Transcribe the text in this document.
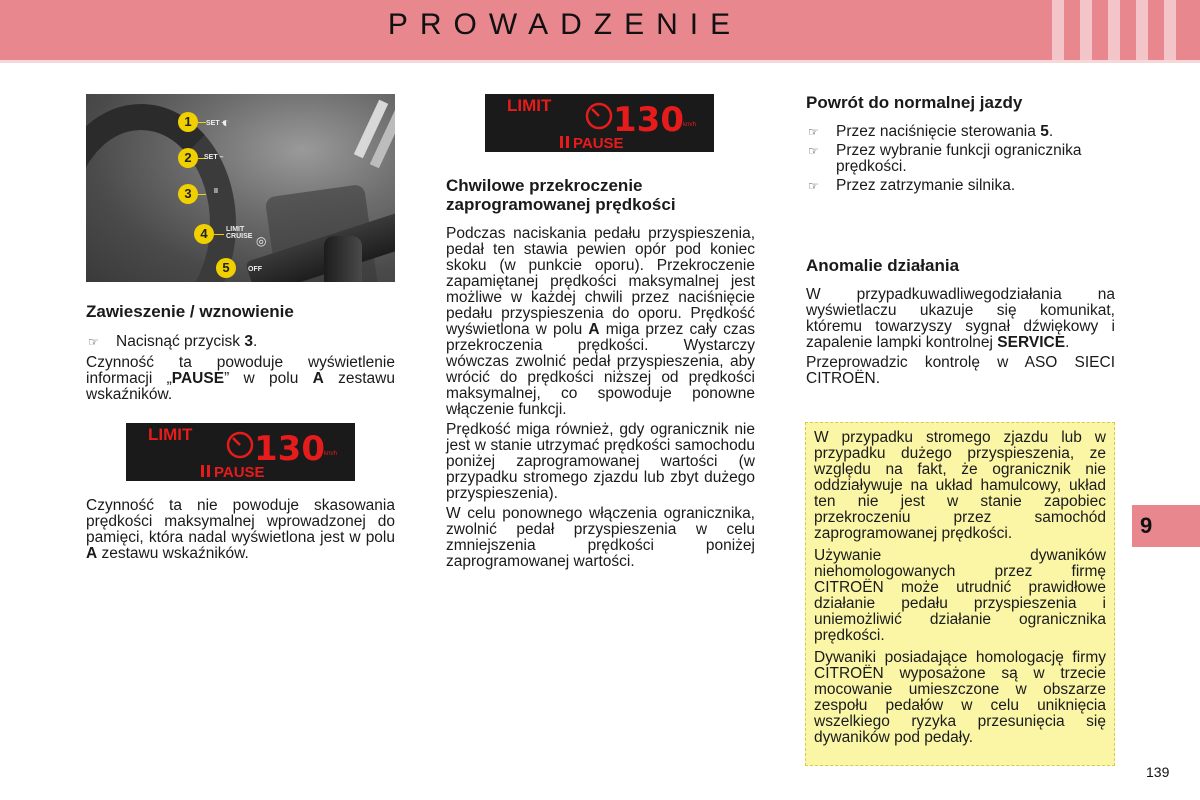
PROWADZENIE
1
2
3
4
5
SET +
SET –
II
LIMIT CRUISE
OFF
◐
◎
LIMIT 130 km/h
PAUSE
LIMIT 130 km/h
PAUSE
Zawieszenie / wznowienie
☞ Nacisnąć przycisk 3.
Czynność ta powoduje wyświetlenie informacji „PAUSE” w polu A zestawu wskaźników.
Czynność ta nie powoduje skasowania prędkości maksymalnej wprowadzonej do pamięci, która nadal wyświetlona jest w polu A zestawu wskaźników.
Chwilowe przekroczenie zaprogramowanej prędkości
Podczas naciskania pedału przyspieszenia, pedał ten stawia pewien opór pod koniec skoku (w punkcie oporu). Przekroczenie zapamiętanej prędkości maksymalnej jest możliwe w każdej chwili przez naciśnięcie pedału przyspieszenia do oporu. Prędkość wyświetlona w polu A miga przez cały czas przekroczenia prędkości. Wystarczy wówczas zwolnić pedał przyspieszenia, aby wrócić do prędkości niższej od prędkości maksymalnej, co spowoduje ponowne włączenie funkcji.
Prędkość miga również, gdy ogranicznik nie jest w stanie utrzymać prędkości samochodu poniżej zaprogramowanej wartości (w przypadku stromego zjazdu lub zbyt dużego przyspieszenia).
W celu ponownego włączenia ogranicznika, zwolnić pedał przyspieszenia w celu zmniejszenia prędkości poniżej zaprogramowanej wartości.
Powrót do normalnej jazdy
☞ Przez naciśnięcie sterowania 5.
☞ Przez wybranie funkcji ogranicznika prędkości.
☞ Przez zatrzymanie silnika.
Anomalie działania
W przypadkuwadliwegodziałania na wyświetlaczu ukazuje się komunikat, któremu towarzyszy sygnał dźwiękowy i zapalenie lampki kontrolnej SERVICE.
Przeprowadzic kontrolę w ASO SIECI CITROËN.
W przypadku stromego zjazdu lub w przypadku dużego przyspieszenia, ze względu na fakt, że ogranicznik nie oddziaływuje na układ hamulcowy, układ ten nie jest w stanie zapobiec przekroczeniu przez samochód zaprogramowanej prędkości.
Używanie dywaników niehomologowanych przez firmę CITROËN może utrudnić prawidłowe działanie pedału przyspieszenia i uniemożliwić działanie ogranicznika prędkości.
Dywaniki posiadające homologację firmy CITROËN wyposażone są w trzecie mocowanie umieszczone w obszarze zespołu pedałów w celu uniknięcia wszelkiego ryzyka przesunięcia się dywaników pod pedały.
9
139
